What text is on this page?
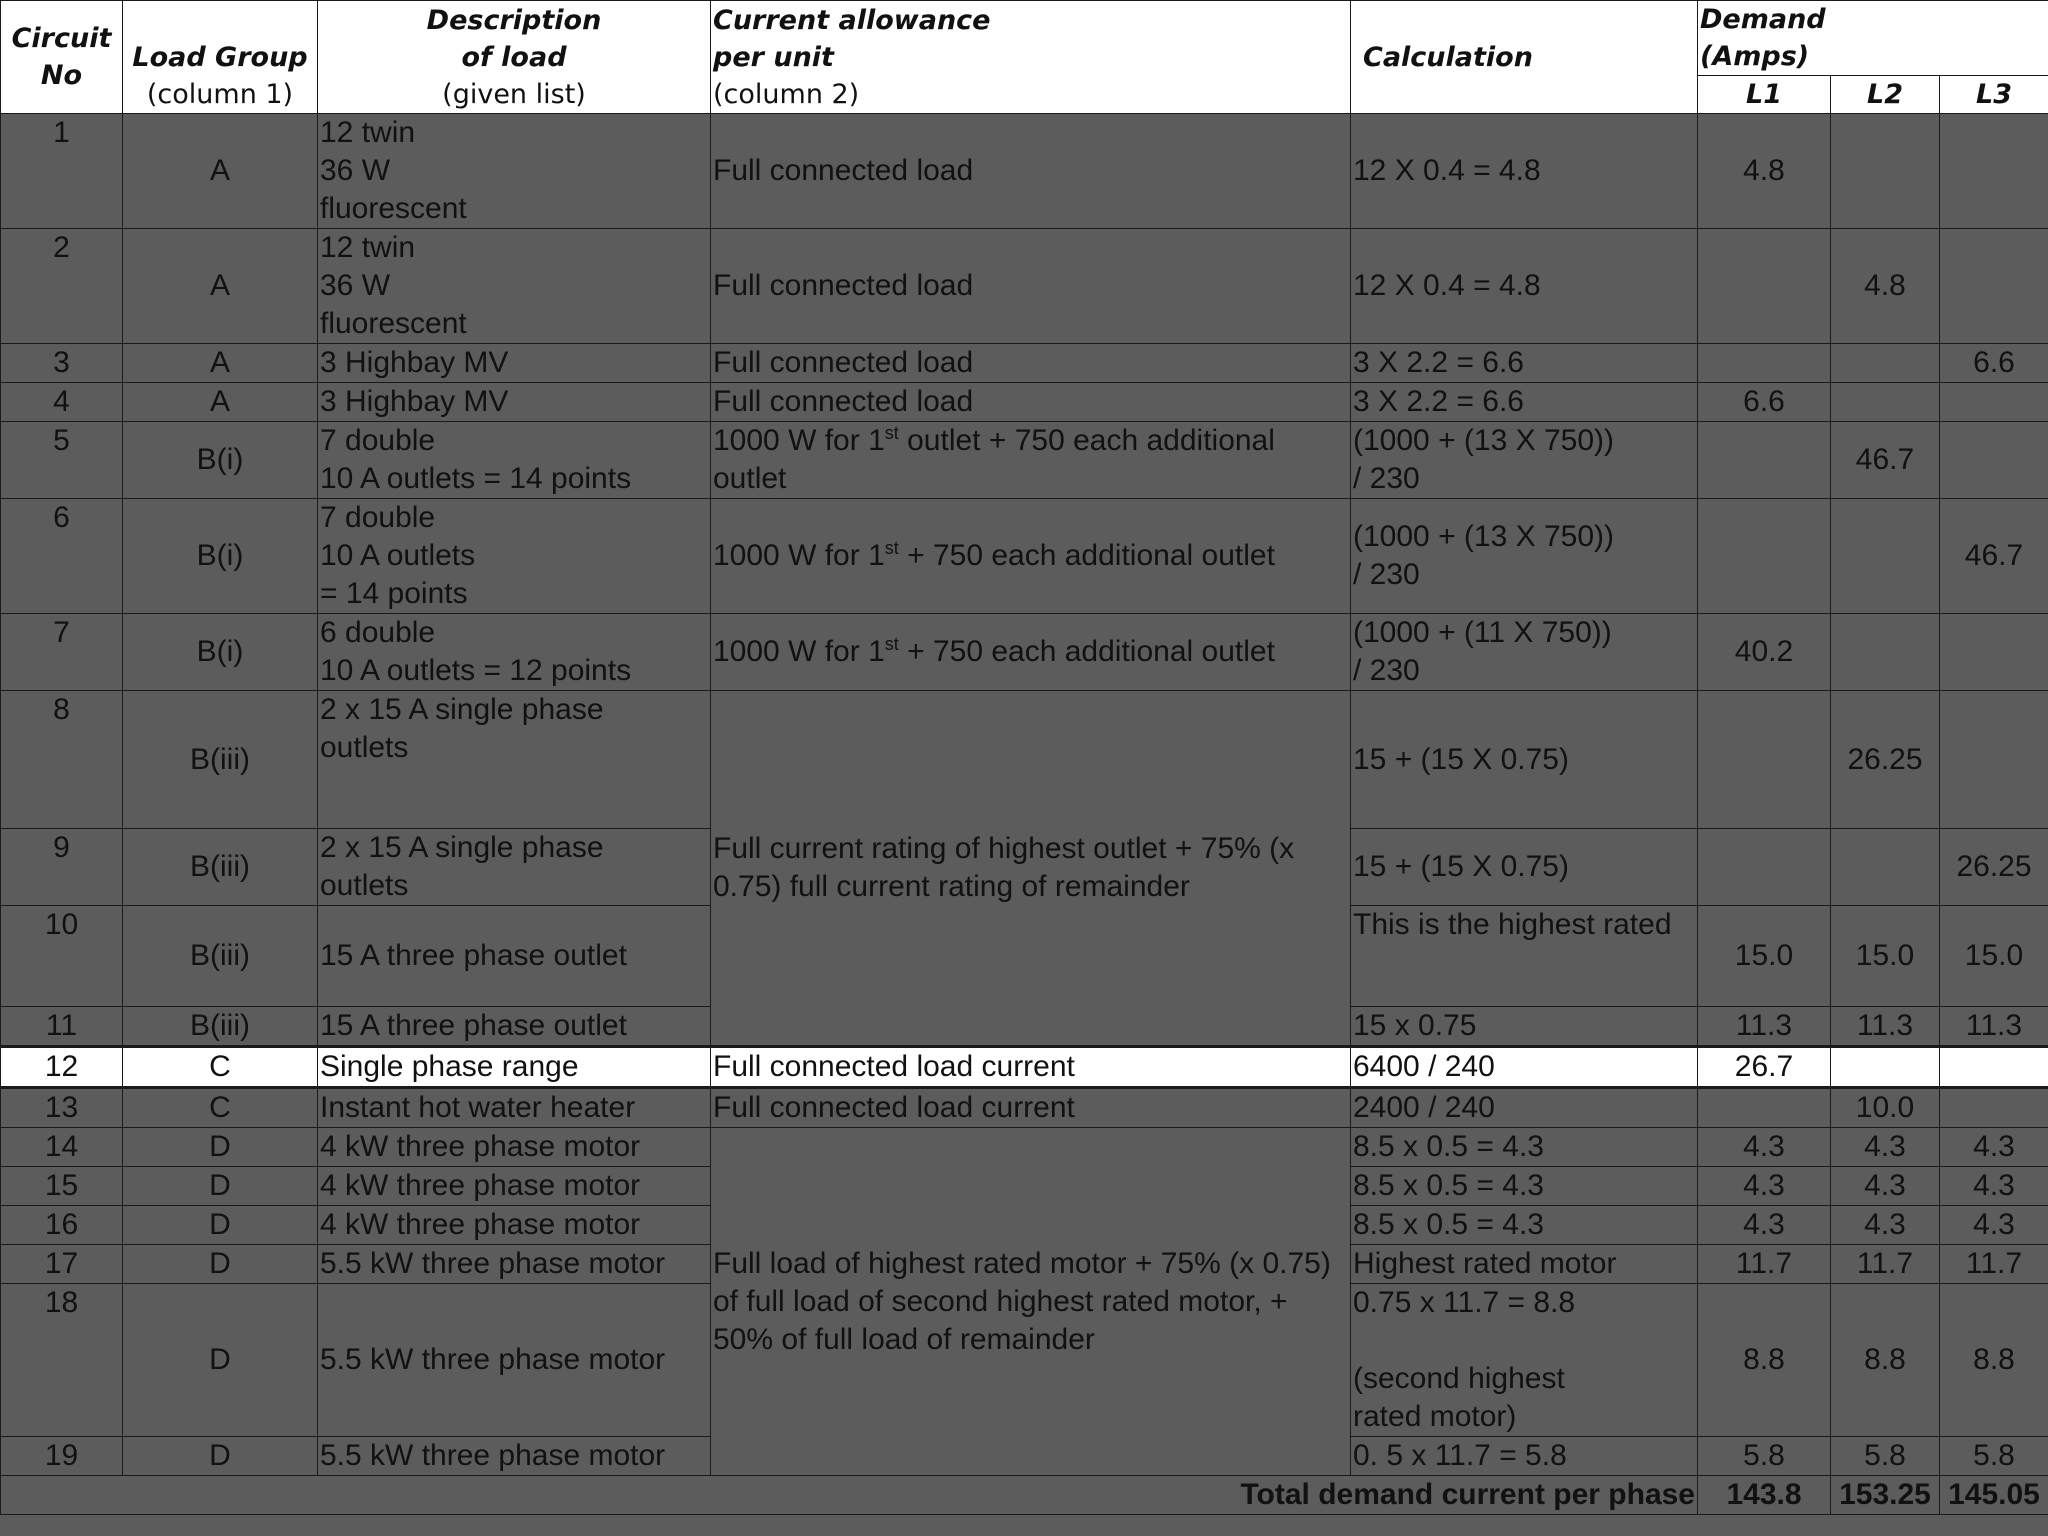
Circuit
No	Load Group
(column 1)	Description
of load
(given list)	Current allowance
per unit
(column 2)	Calculation	Demand
(Amps)		

					L1	L2	L3
1	A	12 twin
36 W
fluorescent	Full connected load	12 X 0.4 = 4.8	4.8		
2	A	12 twin
36 W
fluorescent	Full connected load	12 X 0.4 = 4.8		4.8	
3	A	3 Highbay MV	Full connected load	3 X 2.2 = 6.6			6.6
4	A	3 Highbay MV	Full connected load	3 X 2.2 = 6.6	6.6		
5	B(i)	7 double
10 A outlets = 14 points	1000 W for 1st outlet + 750 each additional outlet	(1000 + (13 X 750))
/ 230		46.7	
6	B(i)	7 double
10 A outlets
= 14 points	1000 W for 1st + 750 each additional outlet	(1000 + (13 X 750))
/ 230			46.7
7	B(i)	6 double
10 A outlets = 12 points	1000 W for 1st + 750 each additional outlet	(1000 + (11 X 750))
/ 230	40.2		
8	B(iii)	2 x 15 A single phase
outlets	Full current rating of highest outlet + 75% (x 0.75) full current rating of remainder	15 + (15 X 0.75)		26.25	
9	B(iii)	2 x 15 A single phase
outlets		15 + (15 X 0.75)			26.25
10	B(iii)	15 A three phase outlet		This is the highest rated	15.0	15.0	15.0
11	B(iii)	15 A three phase outlet		15 x 0.75	11.3	11.3	11.3
12	C	Single phase range	Full connected load current	6400 / 240	26.7		
13	C	Instant hot water heater	Full connected load current	2400 / 240		10.0	
14	D	4 kW three phase motor	Full load of highest rated motor + 75% (x 0.75) of full load of second highest rated motor, + 50% of full load of remainder	8.5 x 0.5 = 4.3	4.3	4.3	4.3
15	D	4 kW three phase motor		8.5 x 0.5 = 4.3	4.3	4.3	4.3
16	D	4 kW three phase motor		8.5 x 0.5 = 4.3	4.3	4.3	4.3
17	D	5.5 kW three phase motor		Highest rated motor	11.7	11.7	11.7
18	D	5.5 kW three phase motor		0.75 x 11.7 = 8.8

(second highest
rated motor)	8.8	8.8	8.8
19	D	5.5 kW three phase motor		0. 5 x 11.7 = 5.8	5.8	5.8	5.8
Total demand current per phase					143.8	153.25	145.05
